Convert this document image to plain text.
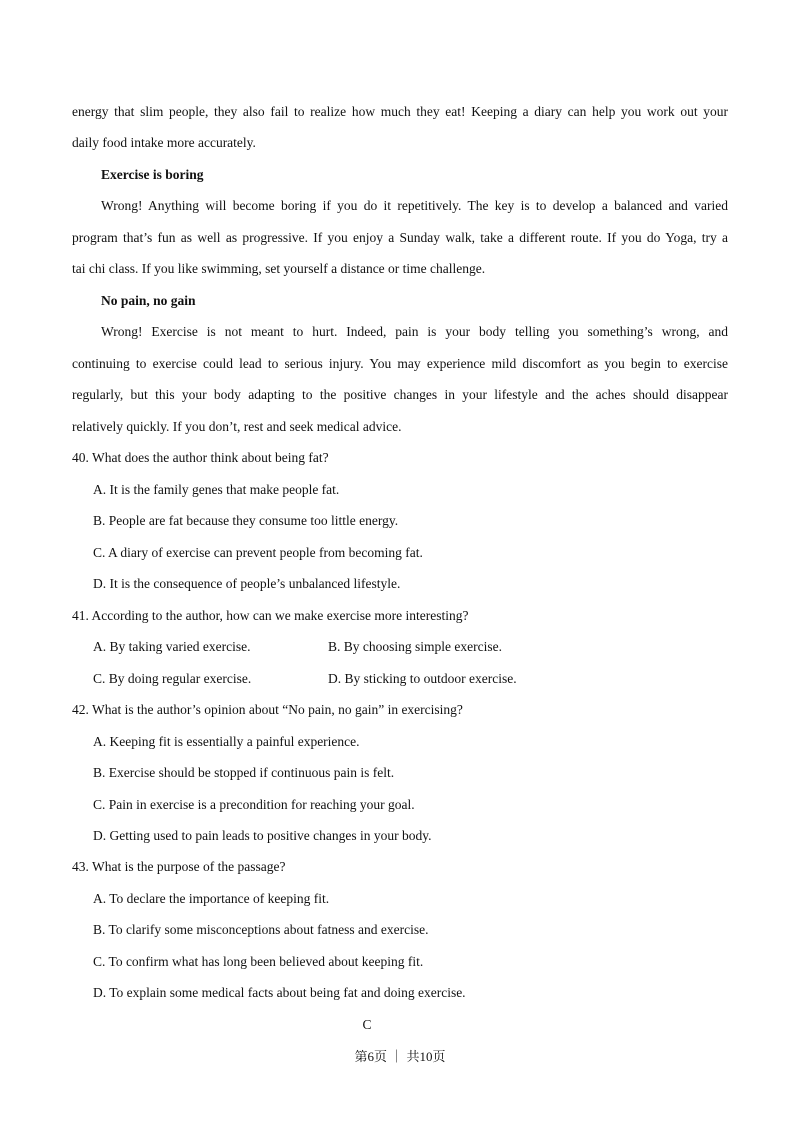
energy that slim people, they also fail to realize how much they eat! Keeping a diary can help you work out your
daily food intake more accurately.
Exercise is boring
Wrong! Anything will become boring if you do it repetitively. The key is to develop a balanced and varied
program that’s fun as well as progressive. If you enjoy a Sunday walk, take a different route. If you do Yoga, try a
tai chi class. If you like swimming, set yourself a distance or time challenge.
No pain, no gain
Wrong! Exercise is not meant to hurt. Indeed, pain is your body telling you something’s wrong, and
continuing to exercise could lead to serious injury. You may experience mild discomfort as you begin to exercise
regularly, but this your body adapting to the positive changes in your lifestyle and the aches should disappear
relatively quickly. If you don’t, rest and seek medical advice.
40. What does the author think about being fat?
A. It is the family genes that make people fat.
B. People are fat because they consume too little energy.
C. A diary of exercise can prevent people from becoming fat.
D. It is the consequence of people’s unbalanced lifestyle.
41. According to the author, how can we make exercise more interesting?
A. By taking varied exercise.	B. By choosing simple exercise.
C. By doing regular exercise.	D. By sticking to outdoor exercise.
42. What is the author’s opinion about “No pain, no gain” in exercising?
A. Keeping fit is essentially a painful experience.
B. Exercise should be stopped if continuous pain is felt.
C. Pain in exercise is a precondition for reaching your goal.
D. Getting used to pain leads to positive changes in your body.
43. What is the purpose of the passage?
A. To declare the importance of keeping fit.
B. To clarify some misconceptions about fatness and exercise.
C. To confirm what has long been believed about keeping fit.
D. To explain some medical facts about being fat and doing exercise.
C
第6页 ｜ 共10页
